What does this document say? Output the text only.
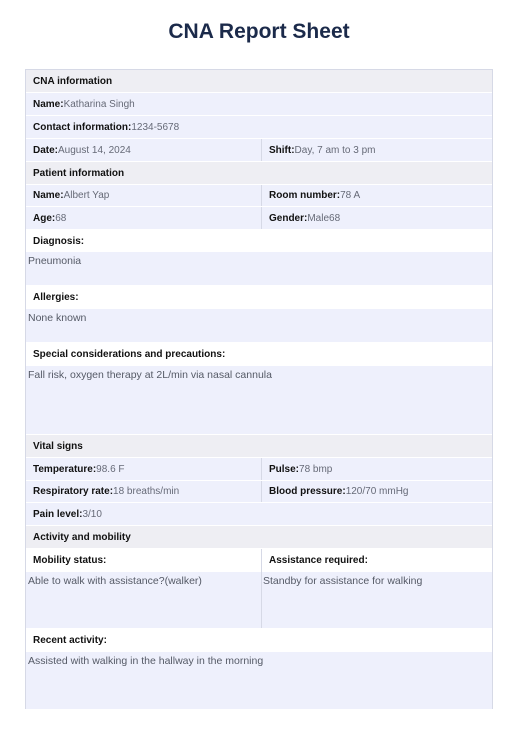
CNA Report Sheet
CNA information
Name: Katharina Singh
Contact information: 1234-5678
Date: August 14, 2024	Shift: Day, 7 am to 3 pm
Patient information
Name: Albert Yap	Room number: 78 A
Age: 68	Gender: Male68
Diagnosis:
Pneumonia
Allergies:
None known
Special considerations and precautions:
Fall risk, oxygen therapy at 2L/min via nasal cannula
Vital signs
Temperature: 98.6 F	Pulse: 78 bmp
Respiratory rate: 18 breaths/min	Blood pressure: 120/70 mmHg
Pain level: 3/10
Activity and mobility
Mobility status:	Assistance required:
Able to walk with assistance?(walker)	Standby for assistance for walking
Recent activity:
Assisted with walking in the hallway in the morning
